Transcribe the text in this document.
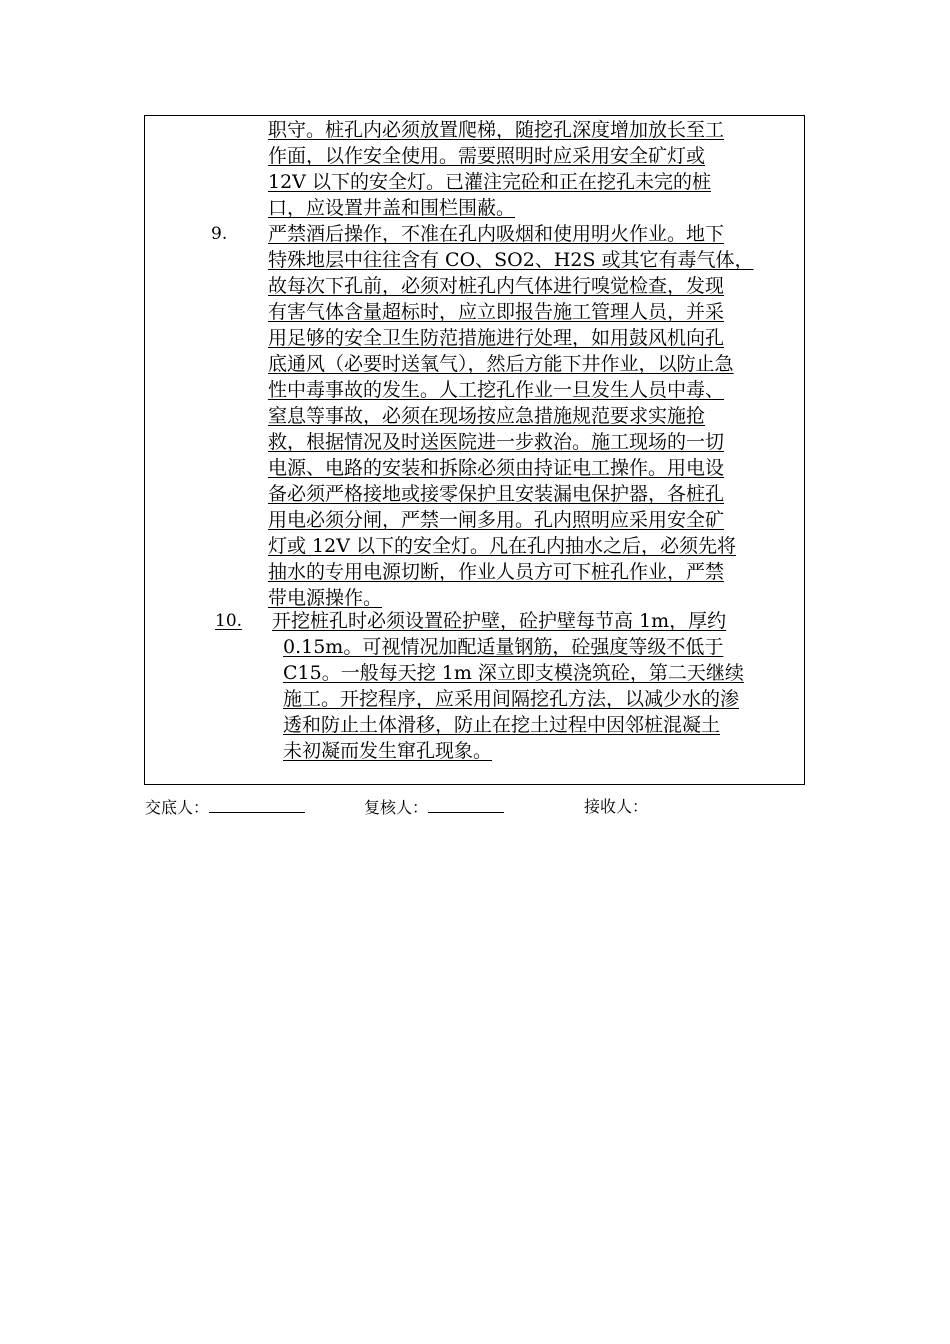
职守。桩孔内必须放置爬梯，随挖孔深度增加放长至工
作面，以作安全使用。需要照明时应采用安全矿灯或
12V 以下的安全灯。已灌注完砼和正在挖孔未完的桩
口，应设置井盖和围栏围蔽。
9. 严禁酒后操作，不准在孔内吸烟和使用明火作业。地下
特殊地层中往往含有 CO、SO2、H2S 或其它有毒气体，
故每次下孔前，必须对桩孔内气体进行嗅觉检查，发现
有害气体含量超标时，应立即报告施工管理人员，并采
用足够的安全卫生防范措施进行处理，如用鼓风机向孔
底通风（必要时送氧气），然后方能下井作业，以防止急
性中毒事故的发生。人工挖孔作业一旦发生人员中毒、
窒息等事故，必须在现场按应急措施规范要求实施抢
救，根据情况及时送医院进一步救治。施工现场的一切
电源、电路的安装和拆除必须由持证电工操作。用电设
备必须严格接地或接零保护且安装漏电保护器，各桩孔
用电必须分闸，严禁一闸多用。孔内照明应采用安全矿
灯或 12V 以下的安全灯。凡在孔内抽水之后，必须先将
抽水的专用电源切断，作业人员方可下桩孔作业，严禁
带电源操作。
10. 开挖桩孔时必须设置砼护壁，砼护壁每节高 1m，厚约
0.15m。可视情况加配适量钢筋，砼强度等级不低于
C15。一般每天挖 1m 深立即支模浇筑砼，第二天继续
施工。开挖程序，应采用间隔挖孔方法，以减少水的渗
透和防止土体滑移，防止在挖土过程中因邻桩混凝土
未初凝而发生窜孔现象。
交底人：	复核人：	接收人：
